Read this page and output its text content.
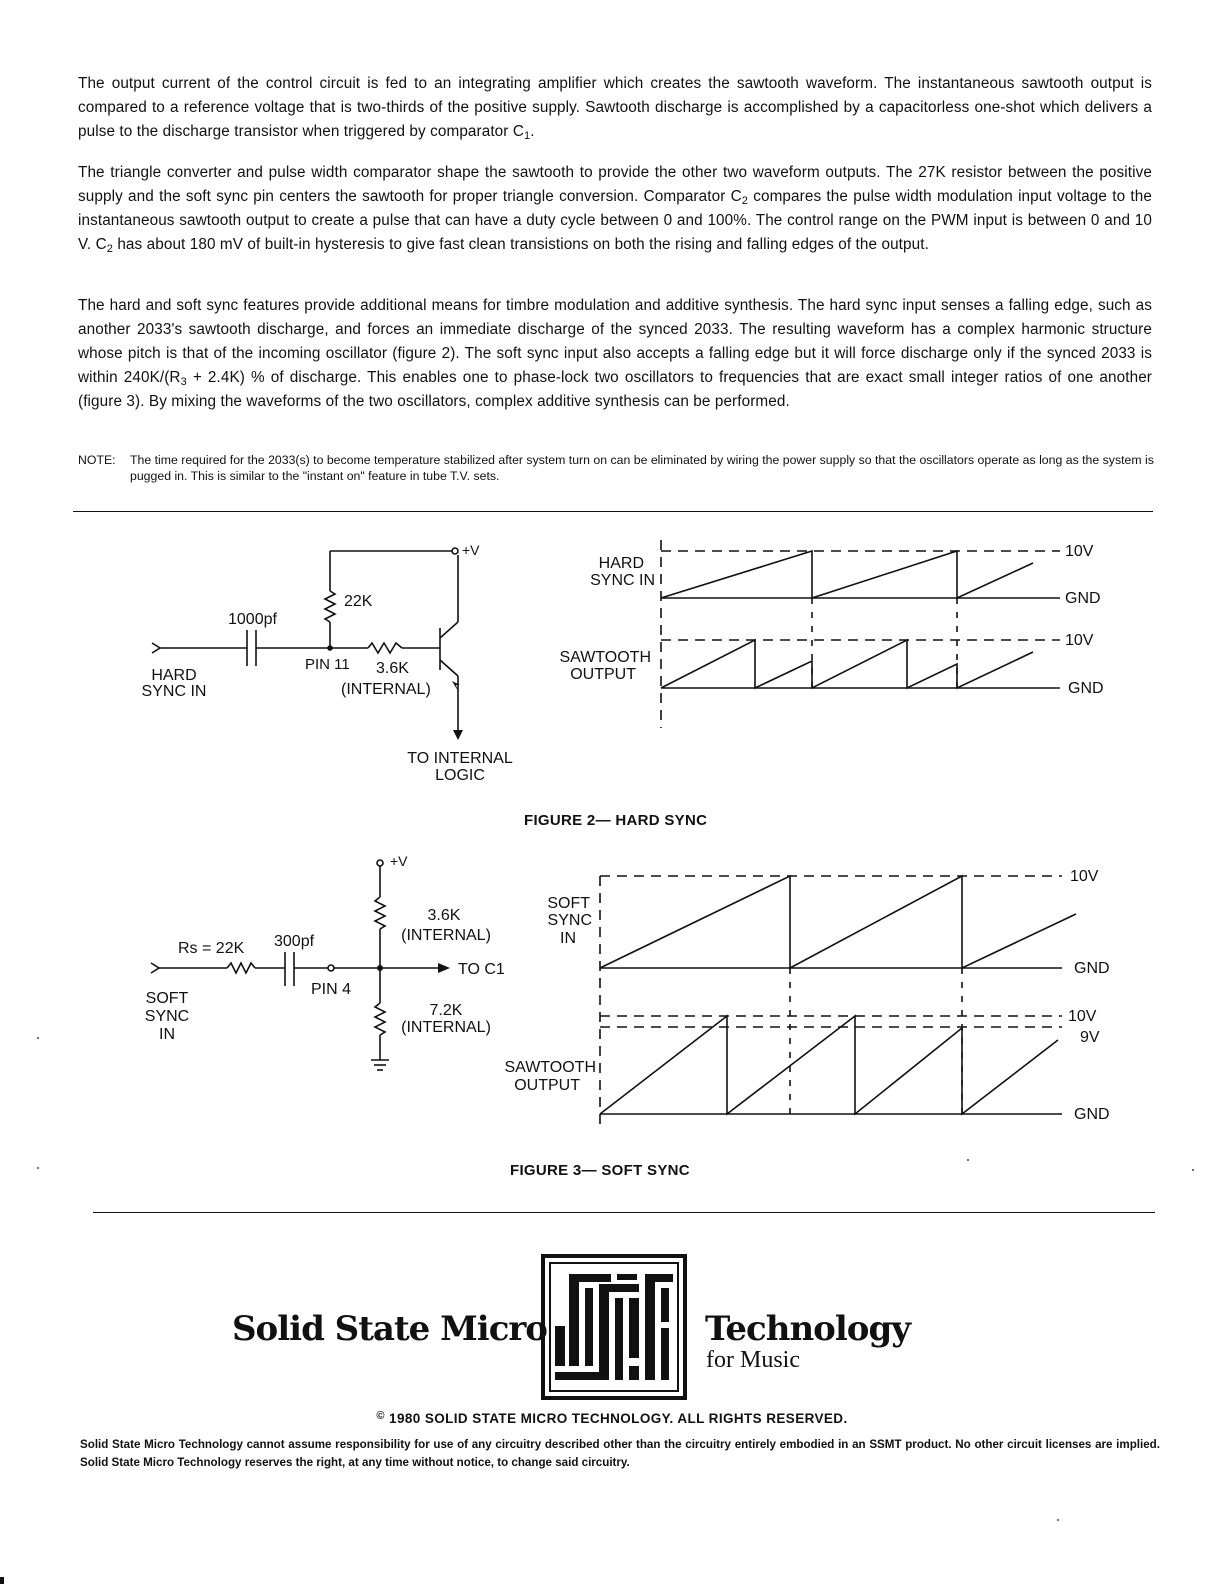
The output current of the control circuit is fed to an integrating amplifier which creates the sawtooth waveform. The instantaneous sawtooth output is compared to a reference voltage that is two-thirds of the positive supply. Sawtooth discharge is accomplished by a capacitorless one-shot which delivers a pulse to the discharge transistor when triggered by comparator $C_1$.
The triangle converter and pulse width comparator shape the sawtooth to provide the other two waveform outputs. The 27K resistor between the positive supply and the soft sync pin centers the sawtooth for proper triangle conversion. Comparator $C_2$ compares the pulse width modulation input voltage to the instantaneous sawtooth output to create a pulse that can have a duty cycle between 0 and 100%. The control range on the PWM input is between 0 and 10 V. $C_2$ has about 180 mV of built-in hysteresis to give fast clean transistions on both the rising and falling edges of the output.
The hard and soft sync features provide additional means for timbre modulation and additive synthesis. The hard sync input senses a falling edge, such as another 2033's sawtooth discharge, and forces an immediate discharge of the synced 2033. The resulting waveform has a complex harmonic structure whose pitch is that of the incoming oscillator (figure 2). The soft sync input also accepts a falling edge but it will force discharge only if the synced 2033 is within $240K/(R_3 + 2.4K)$ % of discharge. This enables one to phase-lock two oscillators to frequencies that are exact small integer ratios of one another (figure 3). By mixing the waveforms of the two oscillators, complex additive synthesis can be performed.
NOTE: The time required for the 2033(s) to become temperature stabilized after system turn on can be eliminated by wiring the power supply so that the oscillators operate as long as the system is pugged in. This is similar to the "instant on" feature in tube T.V. sets.
+V
22K
1000pf
HARD
SYNC IN
PIN 11 3.6K
(INTERNAL)
TO INTERNAL
LOGIC
HARD
SYNC IN
SAWTOOTH
OUTPUT
10V
GND
10V
GND
FIGURE 2— HARD SYNC
+V
3.6K
(INTERNAL)
Rs = 22K 300pf
TO C1
PIN 4
7.2K
(INTERNAL)
SOFT
SYNC
IN
SOFT
SYNC
IN
SAWTOOTH
OUTPUT
10V
GND
10V
9V
GND
FIGURE 3— SOFT SYNC
Solid State Micro	Technology
for Music
© 1980 SOLID STATE MICRO TECHNOLOGY. ALL RIGHTS RESERVED.
Solid State Micro Technology cannot assume responsibility for use of any circuitry described other than the circuitry entirely embodied in an SSMT product. No other circuit licenses are implied. Solid State Micro Technology reserves the right, at any time without notice, to change said circuitry.
